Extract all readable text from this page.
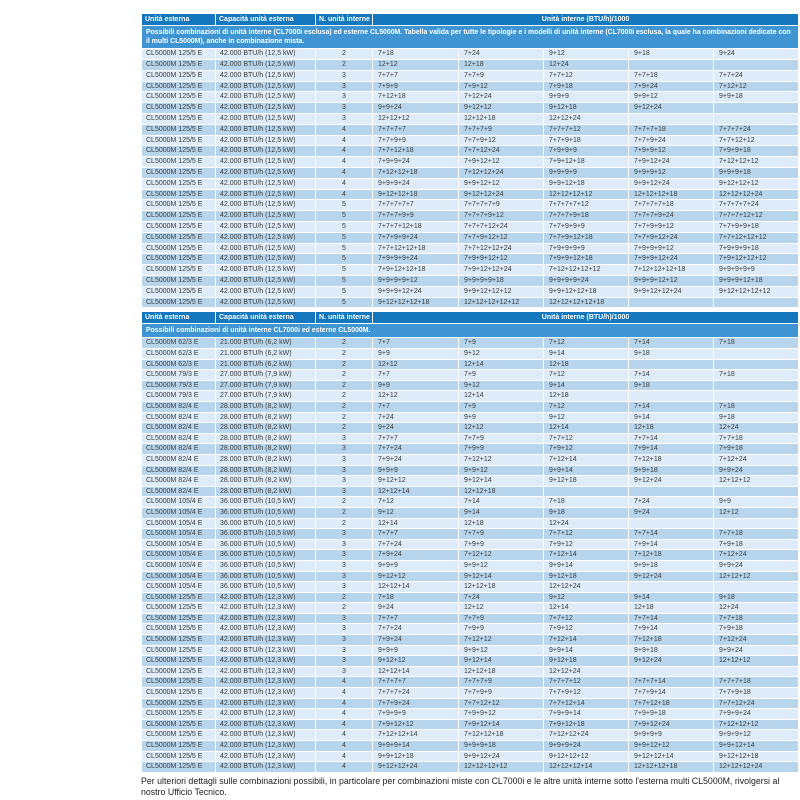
Unità esterna	Capacità unità esterna	N. unità interne	Unità interne (BTU/h)/1000				
Possibili combinazioni di unità interne (CL7000i esclusa) ed esterne CL5000M. Tabella valida per tutte le tipologie e i modelli di unità interne (CL7000i esclusa, la quale ha combinazioni dedicate con il multi CL5000M), anche in combinazione mista.							
CL5000M 125/5 E	42.000 BTU/h (12,5 kW)	2	7+18	7+24	9+12	9+18	9+24
CL5000M 125/5 E	42.000 BTU/h (12,5 kW)	2	12+12	12+18	12+24		
CL5000M 125/5 E	42.000 BTU/h (12,5 kW)	3	7+7+7	7+7+9	7+7+12	7+7+18	7+7+24
CL5000M 125/5 E	42.000 BTU/h (12,5 kW)	3	7+9+9	7+9+12	7+9+18	7+9+24	7+12+12
CL5000M 125/5 E	42.000 BTU/h (12,5 kW)	3	7+12+18	7+12+24	9+9+9	9+9+12	9+9+18
CL5000M 125/5 E	42.000 BTU/h (12,5 kW)	3	9+9+24	9+12+12	9+12+18	9+12+24	
CL5000M 125/5 E	42.000 BTU/h (12,5 kW)	3	12+12+12	12+12+18	12+12+24		
CL5000M 125/5 E	42.000 BTU/h (12,5 kW)	4	7+7+7+7	7+7+7+9	7+7+7+12	7+7+7+18	7+7+7+24
CL5000M 125/5 E	42.000 BTU/h (12,5 kW)	4	7+7+9+9	7+7+9+12	7+7+9+18	7+7+9+24	7+7+12+12
CL5000M 125/5 E	42.000 BTU/h (12,5 kW)	4	7+7+12+18	7+7+12+24	7+9+9+9	7+9+9+12	7+9+9+18
CL5000M 125/5 E	42.000 BTU/h (12,5 kW)	4	7+9+9+24	7+9+12+12	7+9+12+18	7+9+12+24	7+12+12+12
CL5000M 125/5 E	42.000 BTU/h (12,5 kW)	4	7+12+12+18	7+12+12+24	9+9+9+9	9+9+9+12	9+9+9+18
CL5000M 125/5 E	42.000 BTU/h (12,5 kW)	4	9+9+9+24	9+9+12+12	9+9+12+18	9+9+12+24	9+12+12+12
CL5000M 125/5 E	42.000 BTU/h (12,5 kW)	4	9+12+12+18	9+12+12+24	12+12+12+12	12+12+12+18	12+12+12+24
CL5000M 125/5 E	42.000 BTU/h (12,5 kW)	5	7+7+7+7+7	7+7+7+7+9	7+7+7+7+12	7+7+7+7+18	7+7+7+7+24
CL5000M 125/5 E	42.000 BTU/h (12,5 kW)	5	7+7+7+9+9	7+7+7+9+12	7+7+7+9+18	7+7+7+9+24	7+7+7+12+12
CL5000M 125/5 E	42.000 BTU/h (12,5 kW)	5	7+7+7+12+18	7+7+7+12+24	7+7+9+9+9	7+7+9+9+12	7+7+9+9+18
CL5000M 125/5 E	42.000 BTU/h (12,5 kW)	5	7+7+9+9+24	7+7+9+12+12	7+7+9+12+18	7+7+9+12+24	7+7+12+12+12
CL5000M 125/5 E	42.000 BTU/h (12,5 kW)	5	7+7+12+12+18	7+7+12+12+24	7+9+9+9+9	7+9+9+9+12	7+9+9+9+18
CL5000M 125/5 E	42.000 BTU/h (12,5 kW)	5	7+9+9+9+24	7+9+9+12+12	7+9+9+12+18	7+9+9+12+24	7+9+12+12+12
CL5000M 125/5 E	42.000 BTU/h (12,5 kW)	5	7+9+12+12+18	7+9+12+12+24	7+12+12+12+12	7+12+12+12+18	9+9+9+9+9
CL5000M 125/5 E	42.000 BTU/h (12,5 kW)	5	9+9+9+9+12	9+9+9+9+18	9+9+9+9+24	9+9+9+12+12	9+9+9+12+18
CL5000M 125/5 E	42.000 BTU/h (12,5 kW)	5	9+9+9+12+24	9+9+12+12+12	9+9+12+12+18	9+9+12+12+24	9+12+12+12+12
CL5000M 125/5 E	42.000 BTU/h (12,5 kW)	5	9+12+12+12+18	12+12+12+12+12	12+12+12+12+18		
Unità esterna	Capacità unità esterna	N. unità interne	Unità interne (BTU/h)/1000				
Possibili combinazioni di unità interne CL7000i ed esterne CL5000M.							
CL5000M 62/3 E	21.000 BTU/h (6,2 kW)	2	7+7	7+9	7+12	7+14	7+18
CL5000M 62/3 E	21.000 BTU/h (6,2 kW)	2	9+9	9+12	9+14	9+18	
CL5000M 62/3 E	21.000 BTU/h (6,2 kW)	2	12+12	12+14	12+18		
CL5000M 79/3 E	27.000 BTU/h (7,9 kW)	2	7+7	7+9	7+12	7+14	7+18
CL5000M 79/3 E	27.000 BTU/h (7,9 kW)	2	9+9	9+12	9+14	9+18	
CL5000M 79/3 E	27.000 BTU/h (7,9 kW)	2	12+12	12+14	12+18		
CL5000M 82/4 E	28.000 BTU/h (8,2 kW)	2	7+7	7+9	7+12	7+14	7+18
CL5000M 82/4 E	28.000 BTU/h (8,2 kW)	2	7+24	9+9	9+12	9+14	9+18
CL5000M 82/4 E	28.000 BTU/h (8,2 kW)	2	9+24	12+12	12+14	12+18	12+24
CL5000M 82/4 E	28.000 BTU/h (8,2 kW)	3	7+7+7	7+7+9	7+7+12	7+7+14	7+7+18
CL5000M 82/4 E	28.000 BTU/h (8,2 kW)	3	7+7+24	7+9+9	7+9+12	7+9+14	7+9+18
CL5000M 82/4 E	28.000 BTU/h (8,2 kW)	3	7+9+24	7+12+12	7+12+14	7+12+18	7+12+24
CL5000M 82/4 E	28.000 BTU/h (8,2 kW)	3	9+9+9	9+9+12	9+9+14	9+9+18	9+9+24
CL5000M 82/4 E	28.000 BTU/h (8,2 kW)	3	9+12+12	9+12+14	9+12+18	9+12+24	12+12+12
CL5000M 82/4 E	28.000 BTU/h (8,2 kW)	3	12+12+14	12+12+18			
CL5000M 105/4 E	36.000 BTU/h (10,5 kW)	2	7+12	7+14	7+18	7+24	9+9
CL5000M 105/4 E	36.000 BTU/h (10,5 kW)	2	9+12	9+14	9+18	9+24	12+12
CL5000M 105/4 E	36.000 BTU/h (10,5 kW)	2	12+14	12+18	12+24		
CL5000M 105/4 E	36.000 BTU/h (10,5 kW)	3	7+7+7	7+7+9	7+7+12	7+7+14	7+7+18
CL5000M 105/4 E	36.000 BTU/h (10,5 kW)	3	7+7+24	7+9+9	7+9+12	7+9+14	7+9+18
CL5000M 105/4 E	36.000 BTU/h (10,5 kW)	3	7+9+24	7+12+12	7+12+14	7+12+18	7+12+24
CL5000M 105/4 E	36.000 BTU/h (10,5 kW)	3	9+9+9	9+9+12	9+9+14	9+9+18	9+9+24
CL5000M 105/4 E	36.000 BTU/h (10,5 kW)	3	9+12+12	9+12+14	9+12+18	9+12+24	12+12+12
CL5000M 105/4 E	36.000 BTU/h (10,5 kW)	3	12+12+14	12+12+18	12+12+24		
CL5000M 125/5 E	42.000 BTU/h (12,3 kW)	2	7+18	7+24	9+12	9+14	9+18
CL5000M 125/5 E	42.000 BTU/h (12,3 kW)	2	9+24	12+12	12+14	12+18	12+24
CL5000M 125/5 E	42.000 BTU/h (12,3 kW)	3	7+7+7	7+7+9	7+7+12	7+7+14	7+7+18
CL5000M 125/5 E	42.000 BTU/h (12,3 kW)	3	7+7+24	7+9+9	7+9+12	7+9+14	7+9+18
CL5000M 125/5 E	42.000 BTU/h (12,3 kW)	3	7+9+24	7+12+12	7+12+14	7+12+18	7+12+24
CL5000M 125/5 E	42.000 BTU/h (12,3 kW)	3	9+9+9	9+9+12	9+9+14	9+9+18	9+9+24
CL5000M 125/5 E	42.000 BTU/h (12,3 kW)	3	9+12+12	9+12+14	9+12+18	9+12+24	12+12+12
CL5000M 125/5 E	42.000 BTU/h (12,3 kW)	3	12+12+14	12+12+18	12+12+24		
CL5000M 125/5 E	42.000 BTU/h (12,3 kW)	4	7+7+7+7	7+7+7+9	7+7+7+12	7+7+7+14	7+7+7+18
CL5000M 125/5 E	42.000 BTU/h (12,3 kW)	4	7+7+7+24	7+7+9+9	7+7+9+12	7+7+9+14	7+7+9+18
CL5000M 125/5 E	42.000 BTU/h (12,3 kW)	4	7+7+9+24	7+7+12+12	7+7+12+14	7+7+12+18	7+7+12+24
CL5000M 125/5 E	42.000 BTU/h (12,3 kW)	4	7+9+9+9	7+9+9+12	7+9+9+14	7+9+9+18	7+9+9+24
CL5000M 125/5 E	42.000 BTU/h (12,3 kW)	4	7+9+12+12	7+9+12+14	7+9+12+18	7+9+12+24	7+12+12+12
CL5000M 125/5 E	42.000 BTU/h (12,3 kW)	4	7+12+12+14	7+12+12+18	7+12+12+24	9+9+9+9	9+9+9+12
CL5000M 125/5 E	42.000 BTU/h (12,3 kW)	4	9+9+9+14	9+9+9+18	9+9+9+24	9+9+12+12	9+9+12+14
CL5000M 125/5 E	42.000 BTU/h (12,3 kW)	4	9+9+12+18	9+9+12+24	9+12+12+12	9+12+12+14	9+12+12+18
CL5000M 125/5 E	42.000 BTU/h (12,3 kW)	4	9+12+12+24	12+12+12+12	12+12+12+14	12+12+12+18	12+12+12+24
Per ulteriori dettagli sulle combinazioni possibili, in particolare per combinazioni miste con CL7000i e le altre unità interne sotto l'esterna multi CL5000M, rivolgersi al nostro Ufficio Tecnico.
